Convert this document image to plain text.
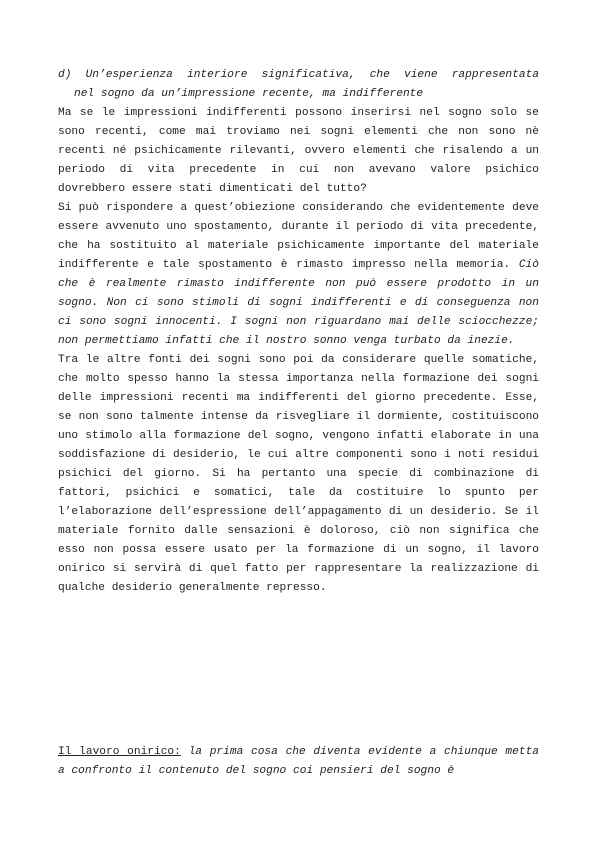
d) Un’esperienza interiore significativa, che viene rappresentata
nel sogno da un’impressione recente, ma indifferente

Ma se le impressioni indifferenti possono inserirsi nel sogno solo se sono recenti, come mai troviamo nei sogni elementi che non sono nè recenti né psichicamente rilevanti, ovvero elementi che risalendo a un periodo di vita precedente in cui non avevano valore psichico dovrebbero essere stati dimenticati del tutto?

Si può rispondere a quest’obiezione considerando che evidentemente deve essere avvenuto uno spostamento, durante il periodo di vita precedente, che ha sostituito al materiale psichicamente importante del materiale indifferente e tale spostamento è rimasto impresso nella memoria. Ciò che è realmente rimasto indifferente non può essere prodotto in un sogno. Non ci sono stimoli di sogni indifferenti e di conseguenza non ci sono sogni innocenti. I sogni non riguardano mai delle sciocchezze; non permettiamo infatti che il nostro sonno venga turbato da inezie.

Tra le altre fonti dei sogni sono poi da considerare quelle somatiche, che molto spesso hanno la stessa importanza nella formazione dei sogni delle impressioni recenti ma indifferenti del giorno precedente. Esse, se non sono talmente intense da risvegliare il dormiente, costituiscono uno stimolo alla formazione del sogno, vengono infatti elaborate in una soddisfazione di desiderio, le cui altre componenti sono i noti residui psichici del giorno. Si ha pertanto una specie di combinazione di fattori, psichici e somatici, tale da costituire lo spunto per l’elaborazione dell’espressione dell’appagamento di un desiderio. Se il materiale fornito dalle sensazioni è doloroso, ciò non significa che esso non possa essere usato per la formazione di un sogno, il lavoro onirico si servirà di quel fatto per rappresentare la realizzazione di qualche desiderio generalmente represso.

Il lavoro onirico: la prima cosa che diventa evidente a chiunque metta a confronto il contenuto del sogno coi pensieri del sogno è
